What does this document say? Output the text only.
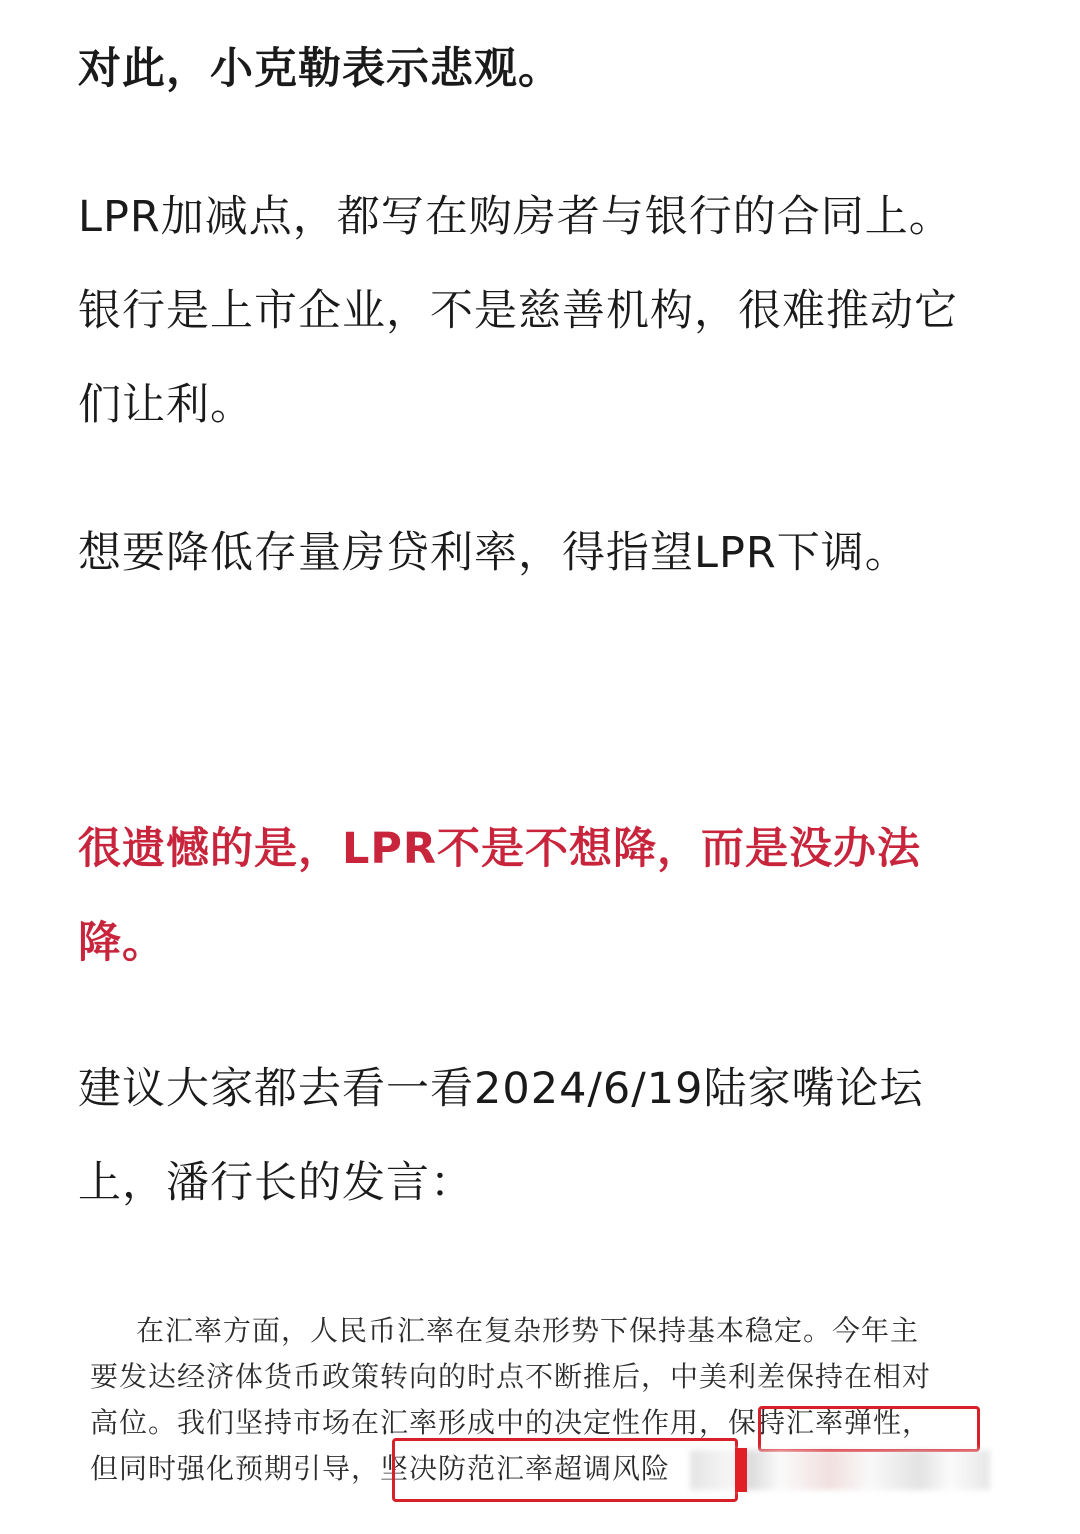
对此，小克勒表示悲观。

LPR加减点，都写在购房者与银行的合同上。
银行是上市企业，不是慈善机构，很难推动它
们让利。

想要降低存量房贷利率，得指望LPR下调。

很遗憾的是，LPR不是不想降，而是没办法
降。

建议大家都去看一看2024/6/19陆家嘴论坛
上，潘行长的发言：

在汇率方面，人民币汇率在复杂形势下保持基本稳定。今年主
要发达经济体货币政策转向的时点不断推后，中美利差保持在相对
高位。我们坚持市场在汇率形成中的决定性作用，保持汇率弹性，
但同时强化预期引导，坚决防范汇率超调风险
